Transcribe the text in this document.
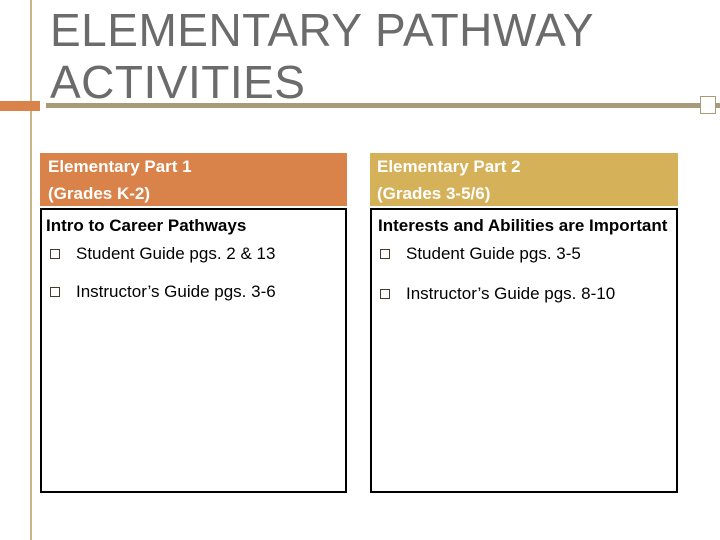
ELEMENTARY PATHWAY ACTIVITIES
Elementary Part 1
(Grades K-2)
Intro to Career Pathways
Student Guide pgs. 2 & 13
Instructor’s Guide pgs. 3-6
Elementary Part 2
(Grades 3-5/6)
Interests and Abilities are Important
Student Guide pgs. 3-5
Instructor’s Guide pgs. 8-10
